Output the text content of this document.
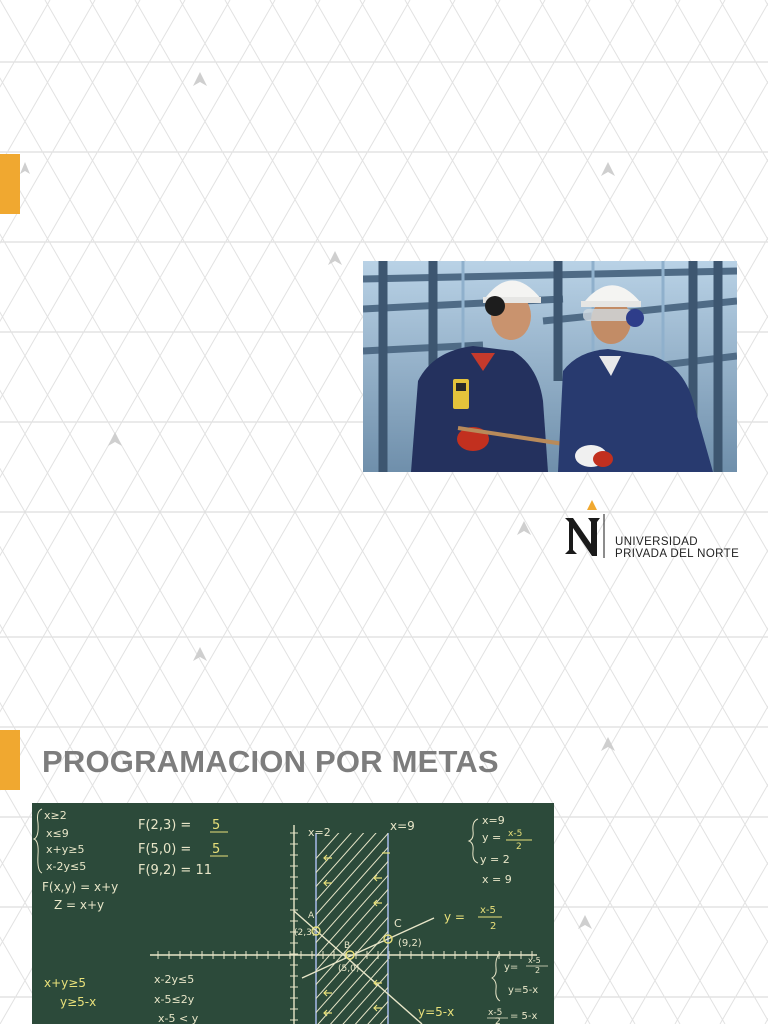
UNIVERSIDAD
PRIVADA DEL NORTE
PROGRAMACION POR METAS
x≥2
x≤9
x+y≥5
x-2y≤5
F(x,y) = x+y
Z = x+y
F(2,3) = 5
F(5,0) = 5
F(9,2) = 11
x=2	x=9
y = x-5
2
y=5-x
A
(2,3)
B
(5,0)
C
(9,2)
x=9
y = x-5
2
y = 2
x = 9
x+y≥5
y≥5-x
x-2y≤5
x-5≤2y
x-5 < y
y=
x-5
2
y=5-x
x-5
2 = 5-x
